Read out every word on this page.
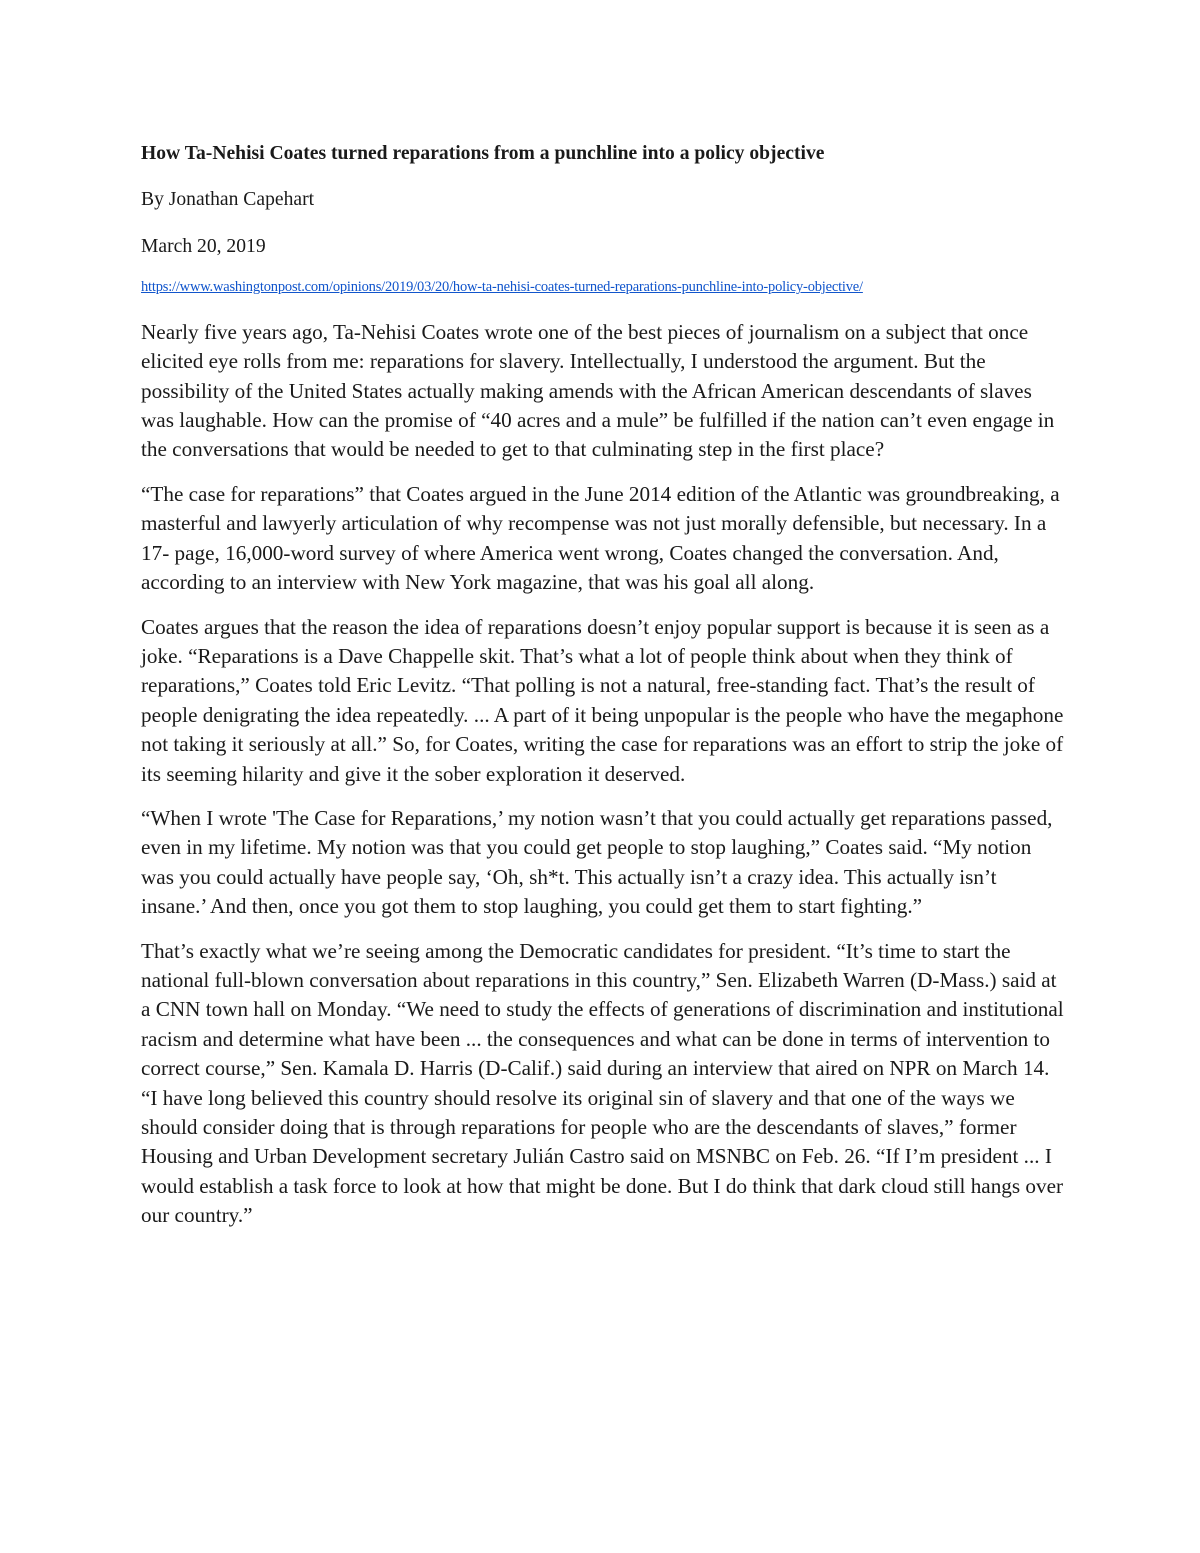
How Ta-Nehisi Coates turned reparations from a punchline into a policy objective
By Jonathan Capehart
March 20, 2019
https://www.washingtonpost.com/opinions/2019/03/20/how-ta-nehisi-coates-turned-reparations-punchline-into-policy-objective/

Nearly five years ago, Ta-Nehisi Coates wrote one of the best pieces of journalism on a subject that once elicited eye rolls from me: reparations for slavery. Intellectually, I understood the argument. But the possibility of the United States actually making amends with the African American descendants of slaves was laughable. How can the promise of “40 acres and a mule” be fulfilled if the nation can’t even engage in the conversations that would be needed to get to that culminating step in the first place?

“The case for reparations” that Coates argued in the June 2014 edition of the Atlantic was groundbreaking, a masterful and lawyerly articulation of why recompense was not just morally defensible, but necessary. In a 17- page, 16,000-word survey of where America went wrong, Coates changed the conversation. And, according to an interview with New York magazine, that was his goal all along.

Coates argues that the reason the idea of reparations doesn’t enjoy popular support is because it is seen as a joke. “Reparations is a Dave Chappelle skit. That’s what a lot of people think about when they think of reparations,” Coates told Eric Levitz. “That polling is not a natural, free-standing fact. That’s the result of people denigrating the idea repeatedly. ... A part of it being unpopular is the people who have the megaphone not taking it seriously at all.” So, for Coates, writing the case for reparations was an effort to strip the joke of its seeming hilarity and give it the sober exploration it deserved.

“When I wrote 'The Case for Reparations,’ my notion wasn’t that you could actually get reparations passed, even in my lifetime. My notion was that you could get people to stop laughing,” Coates said. “My notion was you could actually have people say, ‘Oh, sh*t. This actually isn’t a crazy idea. This actually isn’t insane.’ And then, once you got them to stop laughing, you could get them to start fighting.”

That’s exactly what we’re seeing among the Democratic candidates for president. “It’s time to start the national full-blown conversation about reparations in this country,” Sen. Elizabeth Warren (D-Mass.) said at a CNN town hall on Monday. “We need to study the effects of generations of discrimination and institutional racism and determine what have been ... the consequences and what can be done in terms of intervention to correct course,” Sen. Kamala D. Harris (D-Calif.) said during an interview that aired on NPR on March 14. “I have long believed this country should resolve its original sin of slavery and that one of the ways we should consider doing that is through reparations for people who are the descendants of slaves,” former Housing and Urban Development secretary Julián Castro said on MSNBC on Feb. 26. “If I’m president ... I would establish a task force to look at how that might be done. But I do think that dark cloud still hangs over our country.”
